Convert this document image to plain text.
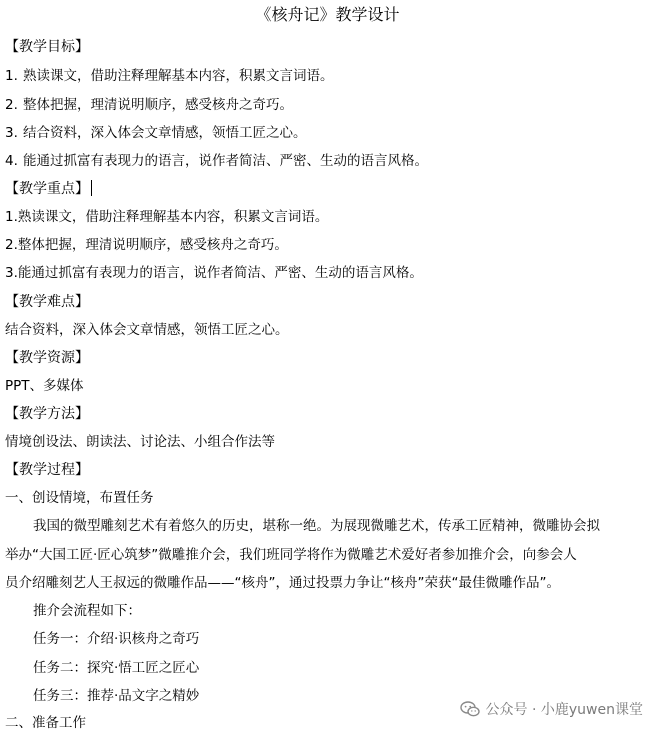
《核舟记》教学设计
【教学目标】
1. 熟读课文，借助注释理解基本内容，积累文言词语。
2. 整体把握，理清说明顺序，感受核舟之奇巧。
3. 结合资料，深入体会文章情感，领悟工匠之心。
4. 能通过抓富有表现力的语言，说作者简洁、严密、生动的语言风格。
【教学重点】
1.熟读课文，借助注释理解基本内容，积累文言词语。
2.整体把握，理清说明顺序，感受核舟之奇巧。
3.能通过抓富有表现力的语言，说作者简洁、严密、生动的语言风格。
【教学难点】
结合资料，深入体会文章情感，领悟工匠之心。
【教学资源】
PPT、多媒体
【教学方法】
情境创设法、朗读法、讨论法、小组合作法等
【教学过程】
一、创设情境，布置任务
我国的微型雕刻艺术有着悠久的历史，堪称一绝。为展现微雕艺术，传承工匠精神，微雕协会拟
举办“大国工匠·匠心筑梦”微雕推介会，我们班同学将作为微雕艺术爱好者参加推介会，向参会人
员介绍雕刻艺人王叔远的微雕作品——“核舟”，通过投票力争让“核舟”荣获“最佳微雕作品”。
推介会流程如下：
任务一：介绍·识核舟之奇巧
任务二：探究·悟工匠之匠心
任务三：推荐·品文字之精妙
二、准备工作
公众号 · 小鹿yuwen课堂
